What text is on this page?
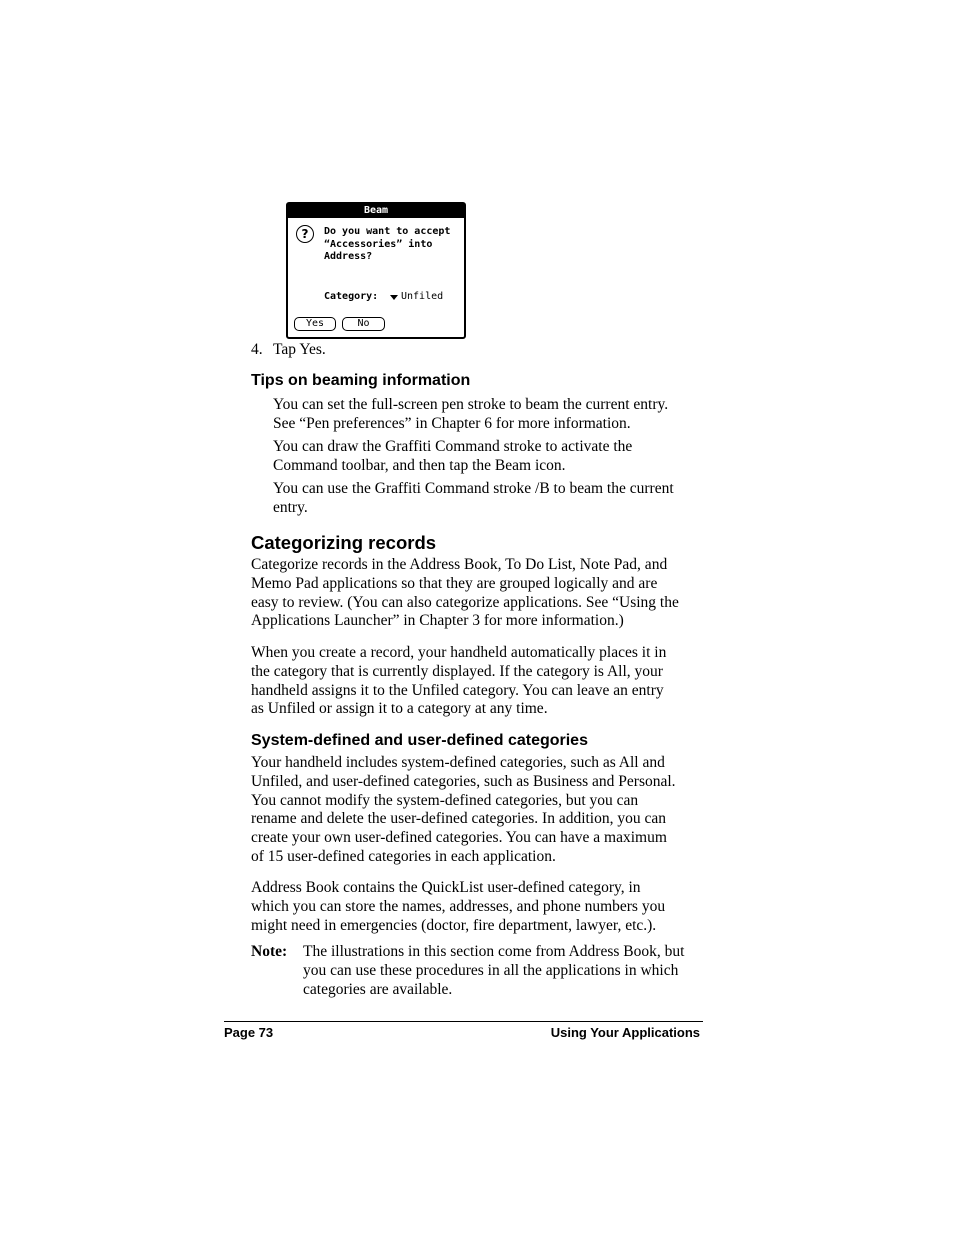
Beam
?	Do you want to accept
“Accessories” into
Address?
Category: Unfiled
Yes	No
4. Tap Yes.
Tips on beaming information
You can set the full-screen pen stroke to beam the current entry.
See “Pen preferences” in Chapter 6 for more information.
You can draw the Graffiti Command stroke to activate the
Command toolbar, and then tap the Beam icon.
You can use the Graffiti Command stroke /B to beam the current
entry.
Categorizing records
Categorize records in the Address Book, To Do List, Note Pad, and
Memo Pad applications so that they are grouped logically and are
easy to review. (You can also categorize applications. See “Using the
Applications Launcher” in Chapter 3 for more information.)
When you create a record, your handheld automatically places it in
the category that is currently displayed. If the category is All, your
handheld assigns it to the Unfiled category. You can leave an entry
as Unfiled or assign it to a category at any time.
System-defined and user-defined categories
Your handheld includes system-defined categories, such as All and
Unfiled, and user-defined categories, such as Business and Personal.
You cannot modify the system-defined categories, but you can
rename and delete the user-defined categories. In addition, you can
create your own user-defined categories. You can have a maximum
of 15 user-defined categories in each application.
Address Book contains the QuickList user-defined category, in
which you can store the names, addresses, and phone numbers you
might need in emergencies (doctor, fire department, lawyer, etc.).
Note: The illustrations in this section come from Address Book, but
you can use these procedures in all the applications in which
categories are available.
Page 73	Using Your Applications
